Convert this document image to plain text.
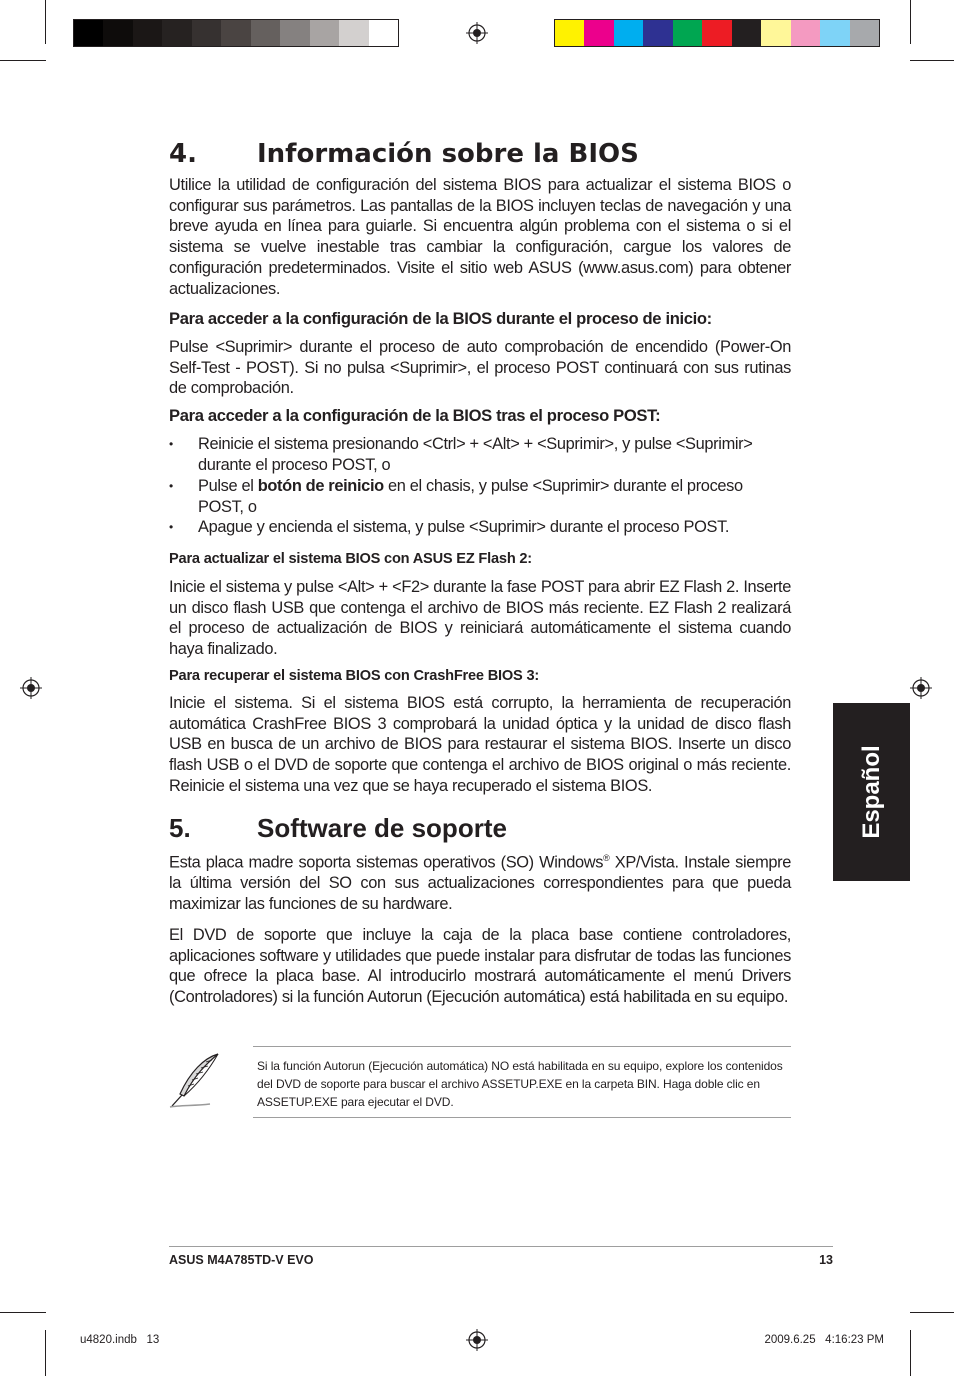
Español
4. Información sobre la BIOS
Utilice la utilidad de configuración del sistema BIOS para actualizar el sistema BIOS o configurar sus parámetros. Las pantallas de la BIOS incluyen teclas de navegación y una breve ayuda en línea para guiarle. Si encuentra algún problema con el sistema o si el sistema se vuelve inestable tras cambiar la configuración, cargue los valores de configuración predeterminados. Visite el sitio web ASUS (www.asus.com) para obtener actualizaciones.
Para acceder a la configuración de la BIOS durante el proceso de inicio:
Pulse <Suprimir> durante el proceso de auto comprobación de encendido (Power-On Self-Test - POST). Si no pulsa <Suprimir>, el proceso POST continuará con sus rutinas de comprobación.
Para acceder a la configuración de la BIOS tras el proceso POST:
• Reinicie el sistema presionando <Ctrl> + <Alt> + <Suprimir>, y pulse <Suprimir> durante el proceso POST, o
• Pulse el botón de reinicio en el chasis, y pulse <Suprimir> durante el proceso POST, o
• Apague y encienda el sistema, y pulse <Suprimir> durante el proceso POST.
Para actualizar el sistema BIOS con ASUS EZ Flash 2:
Inicie el sistema y pulse <Alt> + <F2> durante la fase POST para abrir EZ Flash 2. Inserte un disco flash USB que contenga el archivo de BIOS más reciente. EZ Flash 2 realizará el proceso de actualización de BIOS y reiniciará automáticamente el sistema cuando haya finalizado.
Para recuperar el sistema BIOS con CrashFree BIOS 3:
Inicie el sistema. Si el sistema BIOS está corrupto, la herramienta de recuperación automática CrashFree BIOS 3 comprobará la unidad óptica y la unidad de disco flash USB en busca de un archivo de BIOS para restaurar el sistema BIOS. Inserte un disco flash USB o el DVD de soporte que contenga el archivo de BIOS original o más reciente. Reinicie el sistema una vez que se haya recuperado el sistema BIOS.
5.	Software de soporte
Esta placa madre soporta sistemas operativos (SO) Windows® XP/Vista. Instale siempre la última versión del SO con sus actualizaciones correspondientes para que pueda maximizar las funciones de su hardware.
El DVD de soporte que incluye la caja de la placa base contiene controladores, aplicaciones software y utilidades que puede instalar para disfrutar de todas las funciones que ofrece la placa base. Al introducirlo mostrará automáticamente el menú Drivers (Controladores) si la función Autorun (Ejecución automática) está habilitada en su equipo.
Si la función Autorun (Ejecución automática) NO está habilitada en su equipo, explore los contenidos del DVD de soporte para buscar el archivo ASSETUP.EXE en la carpeta BIN. Haga doble clic en ASSETUP.EXE para ejecutar el DVD.
ASUS M4A785TD-V EVO	13
u4820.indb   13	2009.6.25   4:16:23 PM
